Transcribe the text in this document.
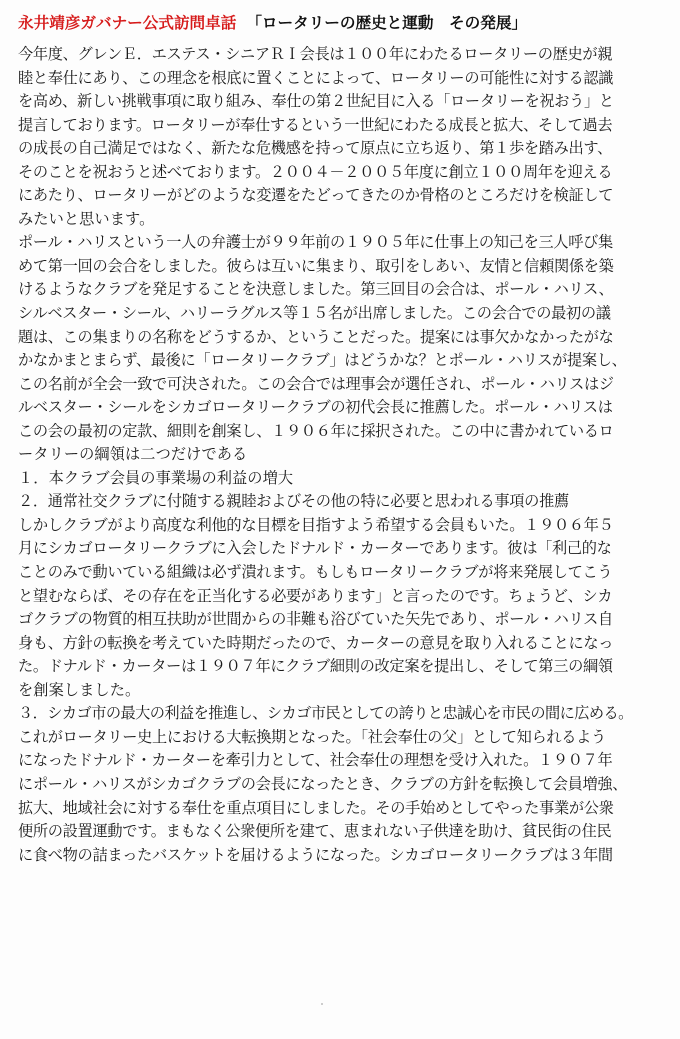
永井靖彦ガバナー公式訪問卓話 「ロータリーの歴史と運動　その発展」
今年度、グレンＥ．エステス・シニアＲＩ会長は１００年にわたるロータリーの歴史が親
睦と奉仕にあり、この理念を根底に置くことによって、ロータリーの可能性に対する認識
を高め、新しい挑戦事項に取り組み、奉仕の第２世紀目に入る「ロータリーを祝おう」と
提言しております。ロータリーが奉仕するという一世紀にわたる成長と拡大、そして過去
の成長の自己満足ではなく、新たな危機感を持って原点に立ち返り、第１歩を踏み出す、
そのことを祝おうと述べております。２００４－２００５年度に創立１００周年を迎える
にあたり、ロータリーがどのような変遷をたどってきたのか骨格のところだけを検証して
みたいと思います。
ポール・ハリスという一人の弁護士が９９年前の１９０５年に仕事上の知己を三人呼び集
めて第一回の会合をしました。彼らは互いに集まり、取引をしあい、友情と信頼関係を築
けるようなクラブを発足することを決意しました。第三回目の会合は、ポール・ハリス、
シルベスター・シール、ハリーラグルス等１５名が出席しました。この会合での最初の議
題は、この集まりの名称をどうするか、ということだった。提案には事欠かなかったがな
かなかまとまらず、最後に「ロータリークラブ」はどうかな？とポール・ハリスが提案し、
この名前が全会一致で可決された。この会合では理事会が選任され、ポール・ハリスはジ
ルベスター・シールをシカゴロータリークラブの初代会長に推薦した。ポール・ハリスは
この会の最初の定款、細則を創案し、１９０６年に採択された。この中に書かれているロ
ータリーの綱領は二つだけである
１．本クラブ会員の事業場の利益の増大
２．通常社交クラブに付随する親睦およびその他の特に必要と思われる事項の推薦
しかしクラブがより高度な利他的な目標を目指すよう希望する会員もいた。１９０６年５
月にシカゴロータリークラブに入会したドナルド・カーターであります。彼は「利己的な
ことのみで動いている組織は必ず潰れます。もしもロータリークラブが将来発展してこう
と望むならば、その存在を正当化する必要があります」と言ったのです。ちょうど、シカ
ゴクラブの物質的相互扶助が世間からの非難も浴びていた矢先であり、ポール・ハリス自
身も、方針の転換を考えていた時期だったので、カーターの意見を取り入れることになっ
た。ドナルド・カーターは１９０７年にクラブ細則の改定案を提出し、そして第三の綱領
を創案しました。
３．シカゴ市の最大の利益を推進し、シカゴ市民としての誇りと忠誠心を市民の間に広める。
これがロータリー史上における大転換期となった。「社会奉仕の父」として知られるよう
になったドナルド・カーターを牽引力として、社会奉仕の理想を受け入れた。１９０７年
にポール・ハリスがシカゴクラブの会長になったとき、クラブの方針を転換して会員増強、
拡大、地域社会に対する奉仕を重点項目にしました。その手始めとしてやった事業が公衆
便所の設置運動です。まもなく公衆便所を建て、恵まれない子供達を助け、貧民街の住民
に食べ物の詰まったバスケットを届けるようになった。シカゴロータリークラブは３年間
